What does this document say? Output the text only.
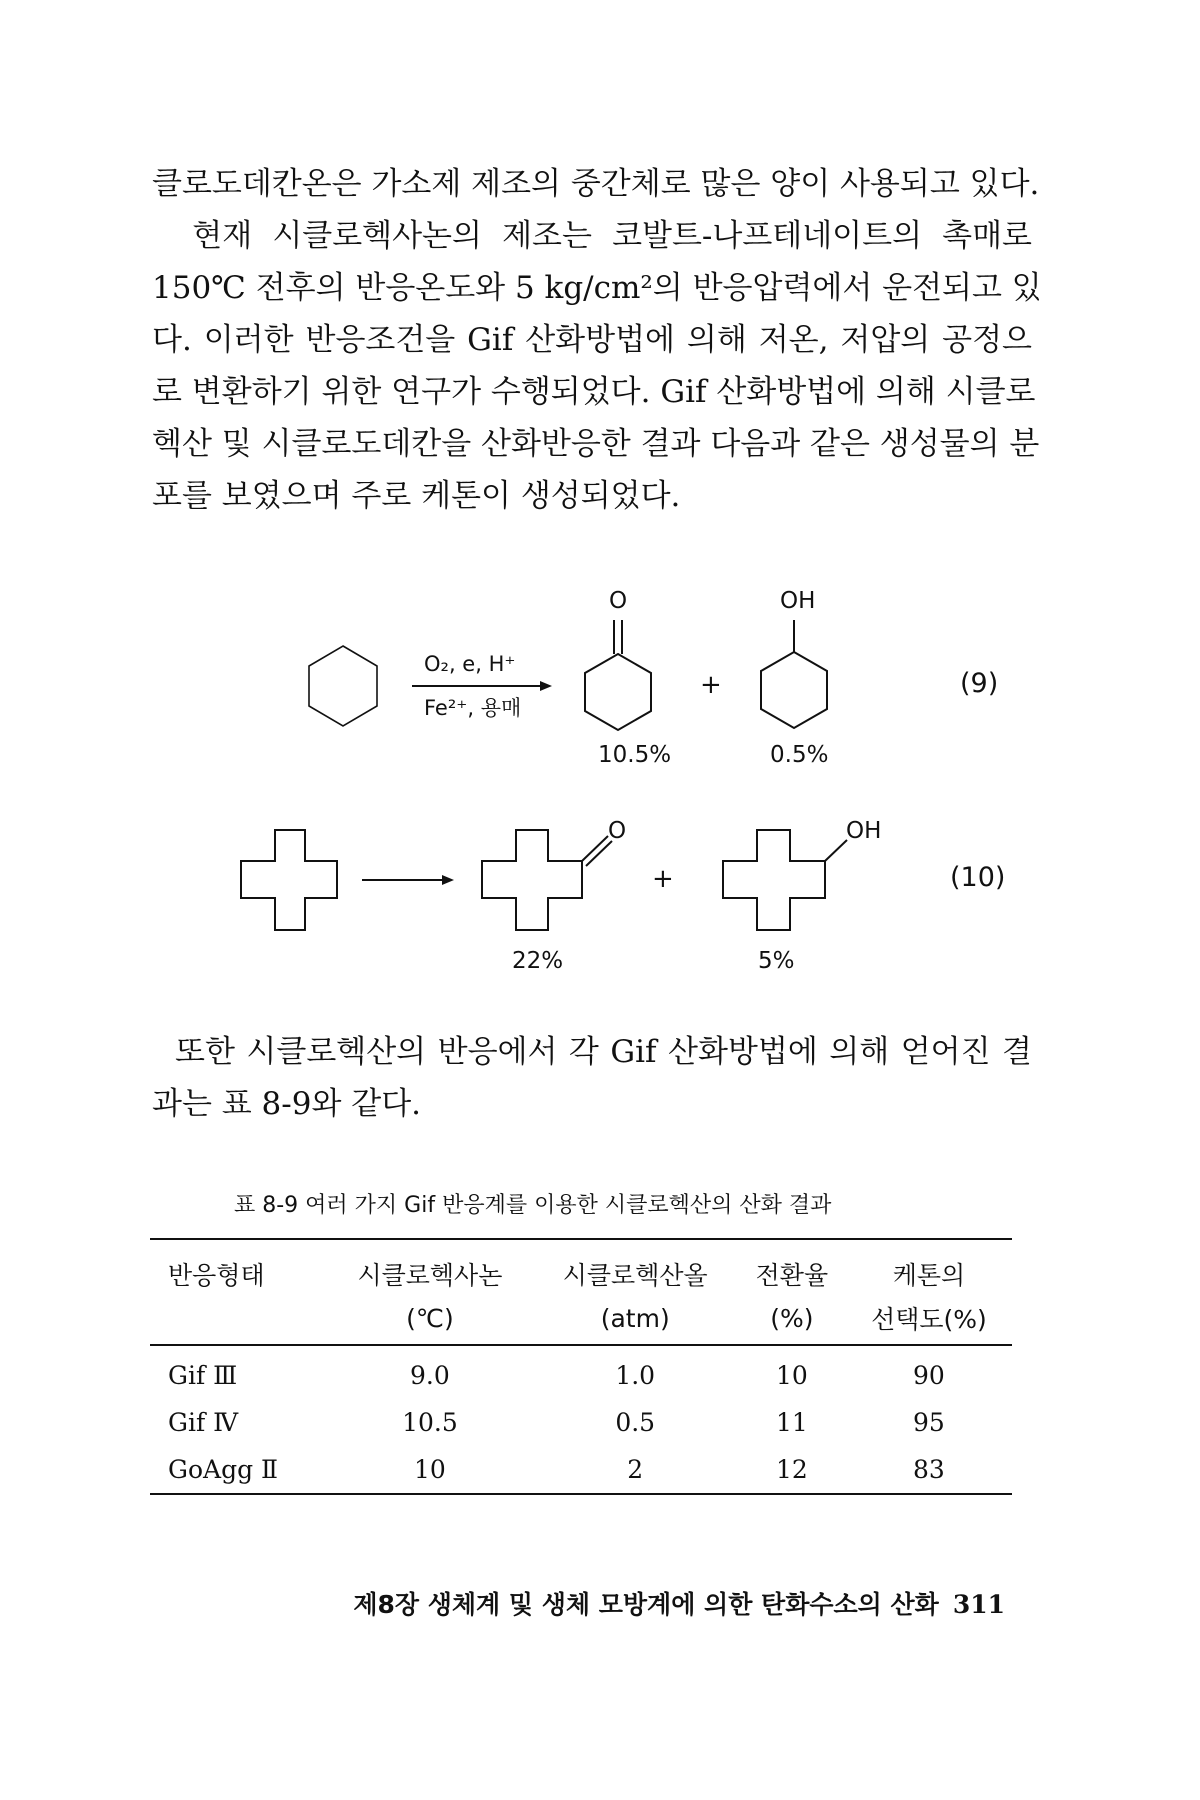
클로도데칸온은 가소제 제조의 중간체로 많은 양이 사용되고 있다.
현재 시클로헥사논의 제조는 코발트-나프테네이트의 촉매로
150℃ 전후의 반응온도와 5 kg/cm²의 반응압력에서 운전되고 있
다. 이러한 반응조건을 Gif 산화방법에 의해 저온, 저압의 공정으
로 변환하기 위한 연구가 수행되었다. Gif 산화방법에 의해 시클로
헥산 및 시클로도데칸을 산화반응한 결과 다음과 같은 생성물의 분
포를 보였으며 주로 케톤이 생성되었다.
O₂, e, H⁺
Fe²⁺, 용매
O	OH
+
10.5%	0.5%
(9)
O	OH
+
22%	5%
(10)
또한 시클로헥산의 반응에서 각 Gif 산화방법에 의해 얻어진 결
과는 표 8-9와 같다.
표 8-9 여러 가지 Gif 반응계를 이용한 시클로헥산의 산화 결과
반응형태	시클로헥사논	시클로헥산올	전환율	케톤의
	(℃)	(atm)	(%)	선택도(%)
Gif Ⅲ	9.0	1.0	10	90
Gif Ⅳ	10.5	0.5	11	95
GoAgg Ⅱ	10	2	12	83
제8장 생체계 및 생체 모방계에 의한 탄화수소의 산화 311
